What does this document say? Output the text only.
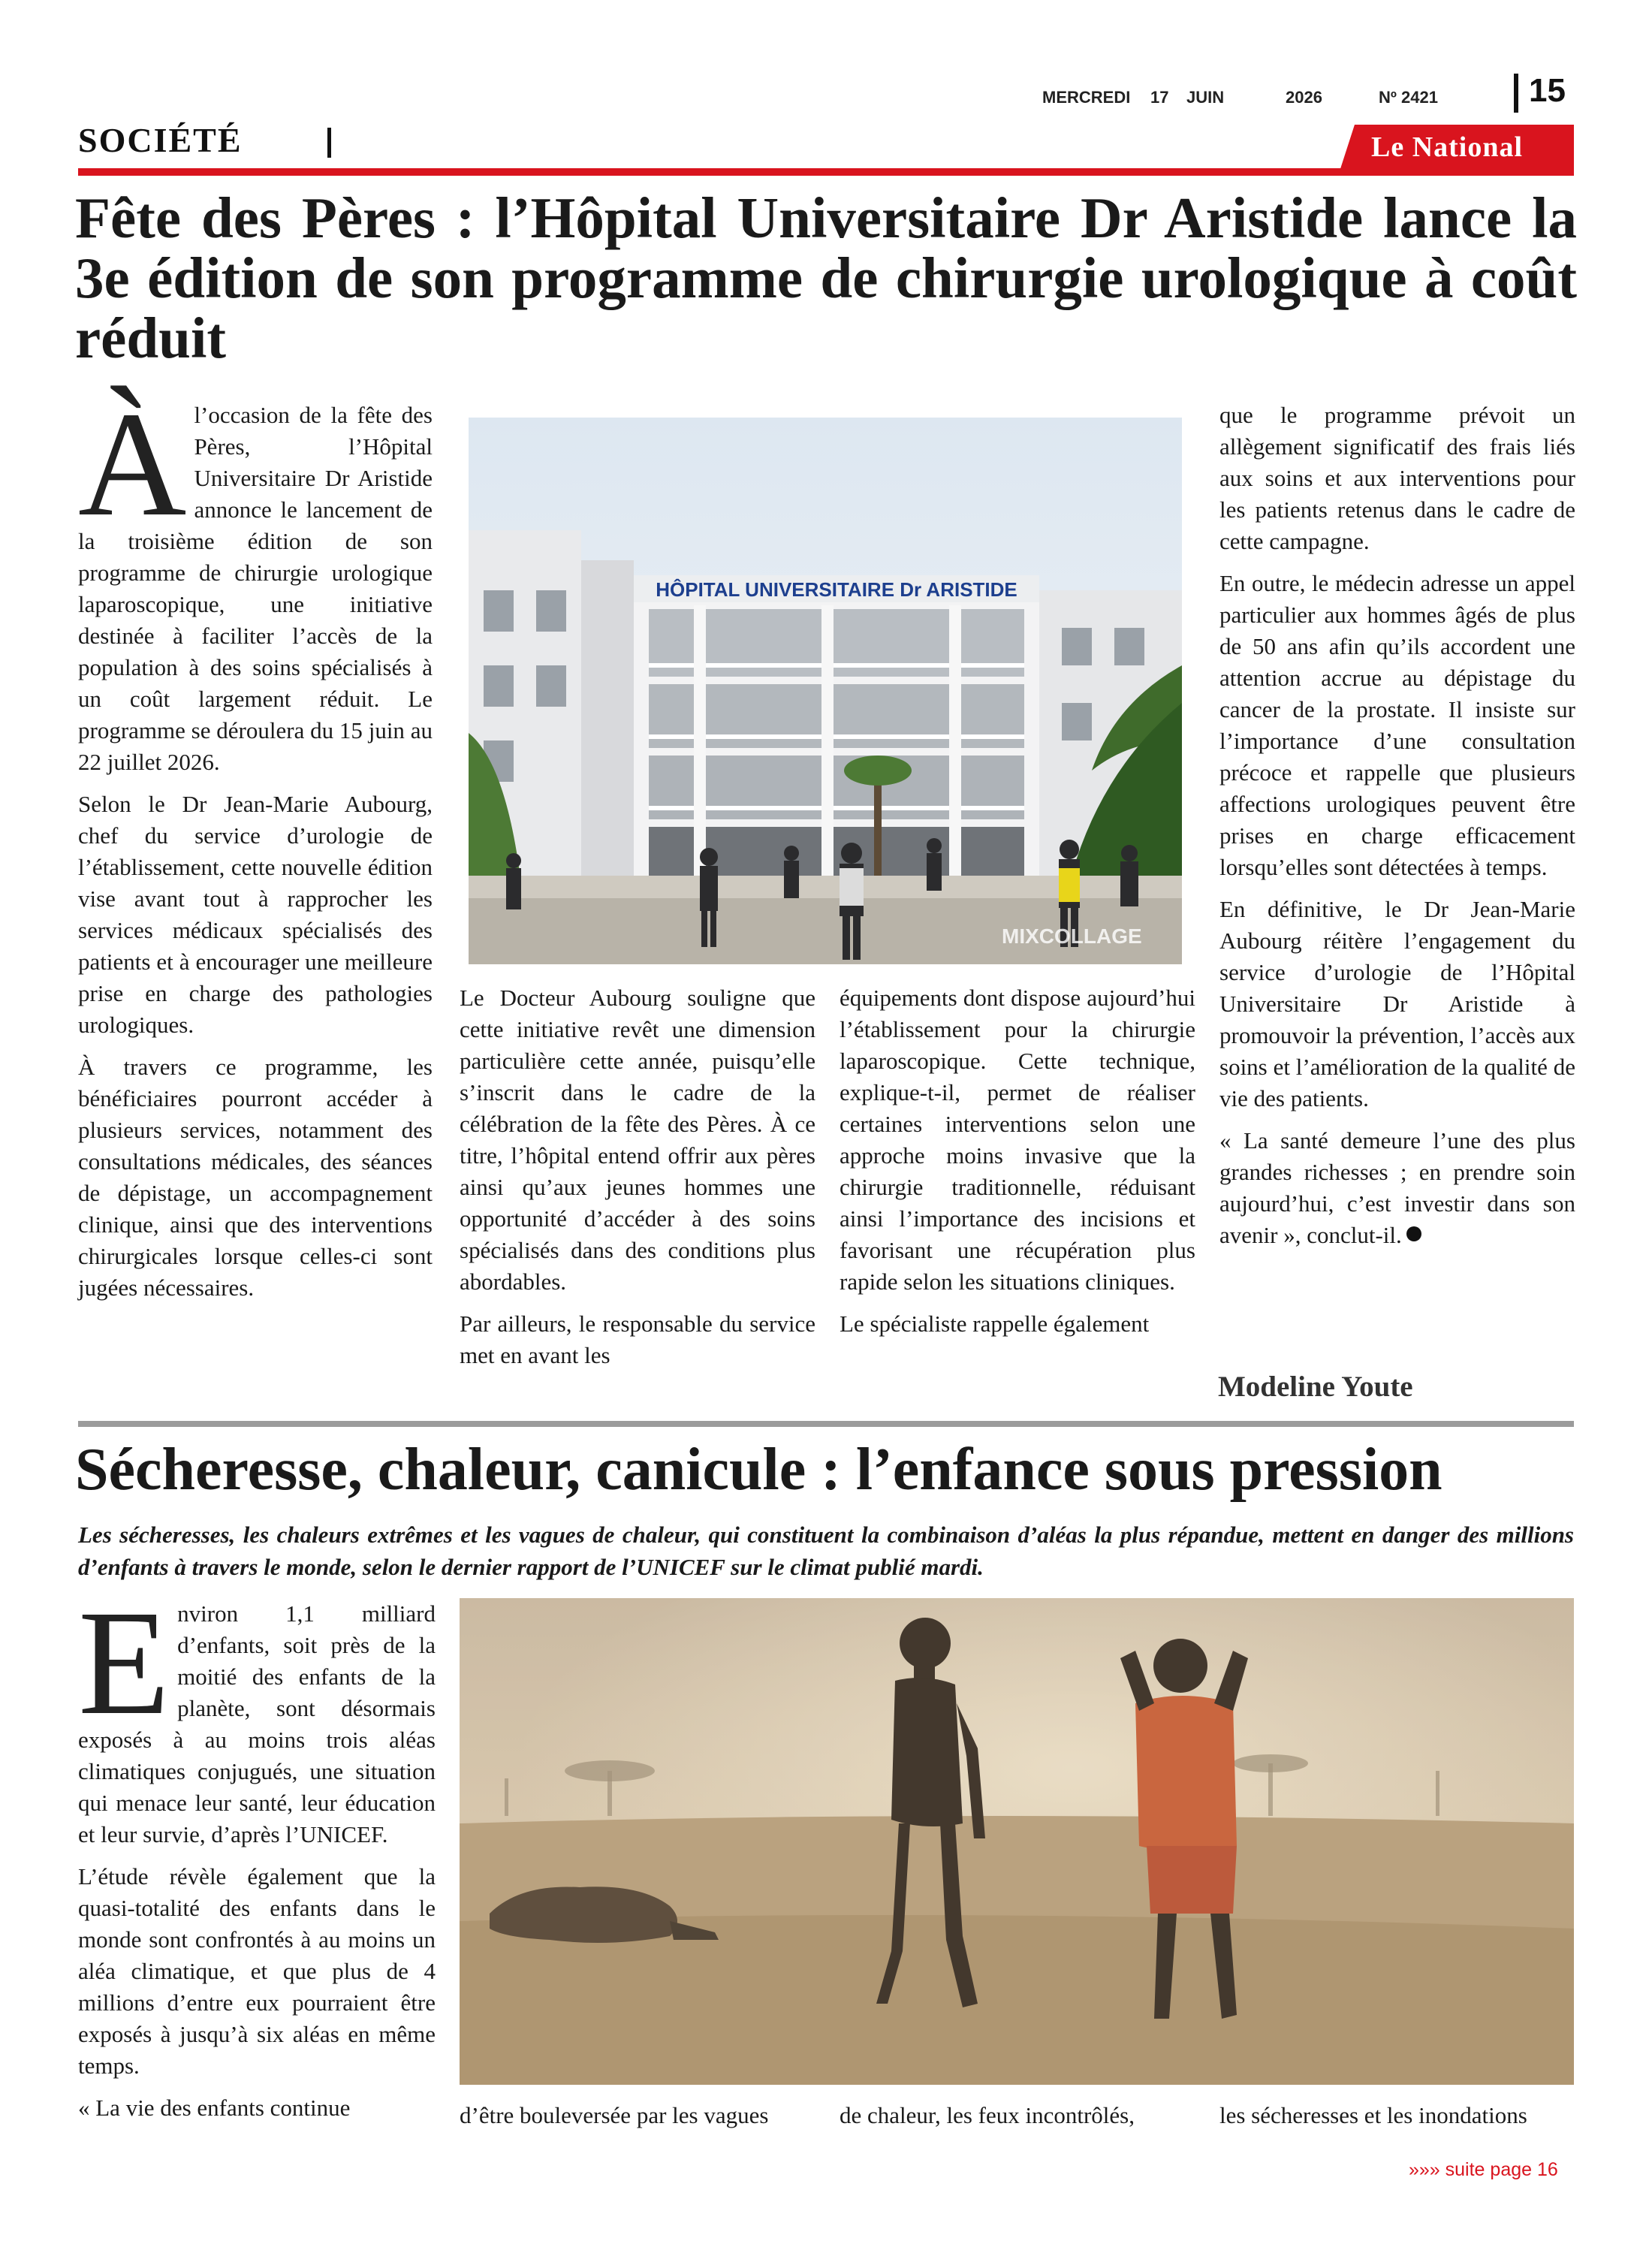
MERCREDI 17 JUIN	2026	Nº 2421	15
SOCIÉTÉ	Le National
Fête des Pères : l’Hôpital Universitaire Dr Aristide lance la 3e édition de son programme de chirurgie urologique à coût réduit

Àl’occasion de la fête des Pères, l’Hôpital Universitaire Dr Aristide annonce le lancement de la troisième édition de son programme de chirurgie urologique laparoscopique, une initiative destinée à faciliter l’accès de la population à des soins spécialisés à un coût largement réduit. Le programme se déroulera du 15 juin au 22 juillet 2026.

Selon le Dr Jean-Marie Aubourg, chef du service d’urologie de l’établissement, cette nouvelle édition vise avant tout à rapprocher les services médicaux spécialisés des patients et à encourager une meilleure prise en charge des pathologies urologiques.

À travers ce programme, les bénéficiaires pourront accéder à plusieurs services, notamment des consultations médicales, des séances de dépistage, un accompagnement clinique, ainsi que des interventions chirurgicales lorsque celles-ci sont jugées nécessaires.

HÔPITAL UNIVERSITAIRE Dr ARISTIDE
MIXCOLLAGE

Le Docteur Aubourg souligne que cette initiative revêt une dimension particulière cette année, puisqu’elle s’inscrit dans le cadre de la célébration de la fête des Pères. À ce titre, l’hôpital entend offrir aux pères ainsi qu’aux jeunes hommes une opportunité d’accéder à des soins spécialisés dans des conditions plus abordables.

Par ailleurs, le responsable du service met en avant les

équipements dont dispose aujourd’hui l’établissement pour la chirurgie laparoscopique. Cette technique, explique-t-il, permet de réaliser certaines interventions selon une approche moins invasive que la chirurgie traditionnelle, réduisant ainsi l’importance des incisions et favorisant une récupération plus rapide selon les situations cliniques.

Le spécialiste rappelle également

que le programme prévoit un allègement significatif des frais liés aux soins et aux interventions pour les patients retenus dans le cadre de cette campagne.

En outre, le médecin adresse un appel particulier aux hommes âgés de plus de 50 ans afin qu’ils accordent une attention accrue au dépistage du cancer de la prostate. Il insiste sur l’importance d’une consultation précoce et rappelle que plusieurs affections urologiques peuvent être prises en charge efficacement lorsqu’elles sont détectées à temps.

En définitive, le Dr Jean-Marie Aubourg réitère l’engagement du service d’urologie de l’Hôpital Universitaire Dr Aristide à promouvoir la prévention, l’accès aux soins et l’amélioration de la qualité de vie des patients.

« La santé demeure l’une des plus grandes richesses ; en prendre soin aujourd’hui, c’est investir dans son avenir », conclut-il.

Modeline Youte
Sécheresse, chaleur, canicule : l’enfance sous pression
Les sécheresses, les chaleurs extrêmes et les vagues de chaleur, qui constituent la combinaison d’aléas la plus répandue, mettent en danger des millions d’enfants à travers le monde, selon le dernier rapport de l’UNICEF sur le climat publié mardi.

Environ 1,1 milliard d’enfants, soit près de la moitié des enfants de la planète, sont désormais exposés à au moins trois aléas climatiques conjugués, une situation qui menace leur santé, leur éducation et leur survie, d’après l’UNICEF.

L’étude révèle également que la quasi-totalité des enfants dans le monde sont confrontés à au moins un aléa climatique, et que plus de 4 millions d’entre eux pourraient être exposés à jusqu’à six aléas en même temps.

« La vie des enfants continue	d’être bouleversée par les vagues	de chaleur, les feux incontrôlés,	les sécheresses et les inondations
»»» suite page 16
